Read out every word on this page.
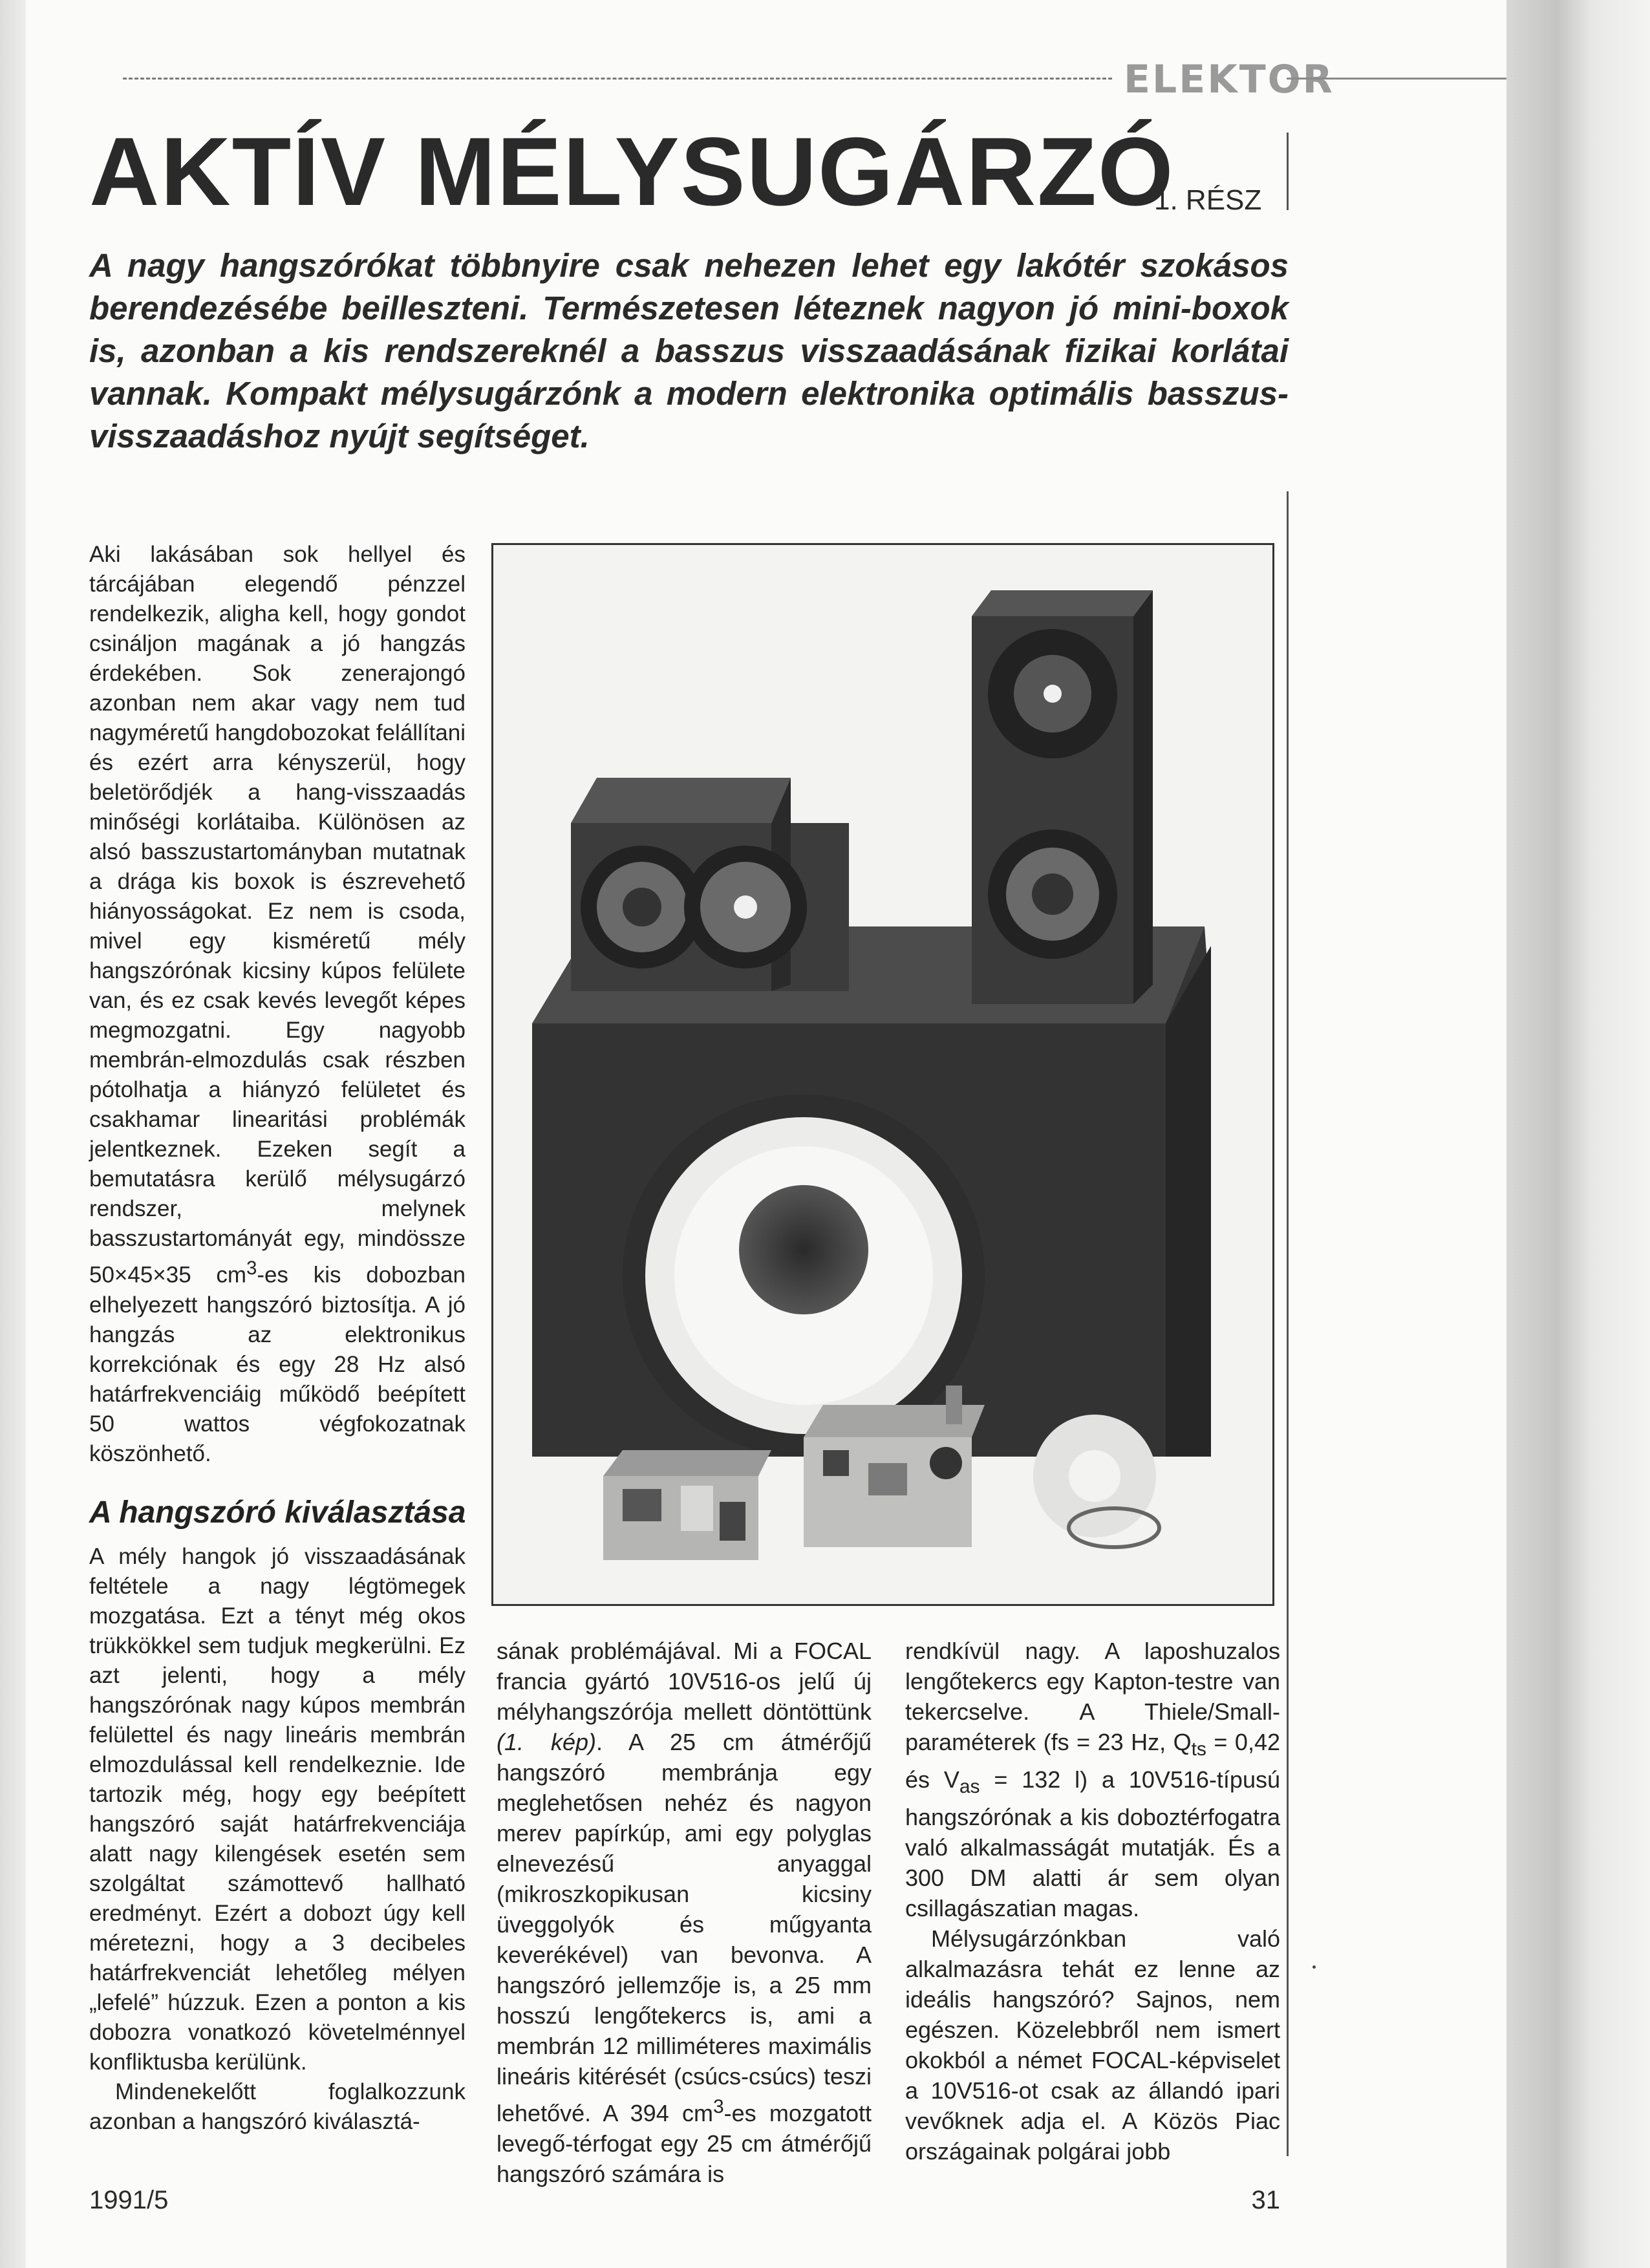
ELEKTOR
AKTÍV MÉLYSUGÁRZÓ
1. RÉSZ
A nagy hangszórókat többnyire csak nehezen lehet egy lakótér szokásos berendezésébe beilleszteni. Természetesen léteznek nagyon jó mini-boxok is, azonban a kis rendszereknél a basszus visszaadásának fizikai korlátai vannak. Kompakt mélysugárzónk a modern elektronika optimális basszus-visszaadáshoz nyújt segítséget.

Aki lakásában sok hellyel és tárcájában elegendő pénzzel rendelkezik, aligha kell, hogy gondot csináljon magának a jó hangzás érdekében. Sok zenerajongó azonban nem akar vagy nem tud nagyméretű hangdobozokat felállítani és ezért arra kényszerül, hogy beletörődjék a hang-visszaadás minőségi korlátaiba. Különösen az alsó basszustartományban mutatnak a drága kis boxok is észrevehető hiányosságokat. Ez nem is csoda, mivel egy kisméretű mély hangszórónak kicsiny kúpos felülete van, és ez csak kevés levegőt képes megmozgatni. Egy nagyobb membrán-elmozdulás csak részben pótolhatja a hiányzó felületet és csakhamar linearitási problémák jelentkeznek. Ezeken segít a bemutatásra kerülő mélysugárzó rendszer, melynek basszustartományát egy, mindössze 50×45×35 $cm^3-es$ kis dobozban elhelyezett hangszóró biztosítja. A jó hangzás az elektronikus korrekciónak és egy 28 Hz alsó határfrekvenciáig működő beépített 50 wattos végfokozatnak köszönhető.

A hangszóró kiválasztása

A mély hangok jó visszaadásának feltétele a nagy légtömegek mozgatása. Ezt a tényt még okos trükkökkel sem tudjuk megkerülni. Ez azt jelenti, hogy a mély hangszórónak nagy kúpos membrán felülettel és nagy lineáris membrán elmozdulással kell rendelkeznie. Ide tartozik még, hogy egy beépített hangszóró saját határfrekvenciája alatt nagy kilengések esetén sem szolgáltat számottevő hallható eredményt. Ezért a dobozt úgy kell méretezni, hogy a 3 decibeles határfrekvenciát lehetőleg mélyen „lefelé” húzzuk. Ezen a ponton a kis dobozra vonatkozó követelménnyel konfliktusba kerülünk.

Mindenekelőtt foglalkozzunk azonban a hangszóró kiválasztá-

sának problémájával. Mi a FOCAL francia gyártó 10V516-os jelű új mélyhangszórója mellett döntöttünk (1. kép). A 25 cm átmérőjű hangszóró membránja egy meglehetősen nehéz és nagyon merev papírkúp, ami egy polyglas elnevezésű anyaggal (mikroszkopikusan kicsiny üveggolyók és műgyanta keverékével) van bevonva. A hangszóró jellemzője is, a 25 mm hosszú lengőtekercs is, ami a membrán 12 milliméteres maximális lineáris kitérését (csúcs-csúcs) teszi lehetővé. A 394 $cm^3-es$ mozgatott levegő-térfogat egy 25 cm átmérőjű hangszóró számára is

rendkívül nagy. A laposhuzalos lengőtekercs egy Kapton-testre van tekercselve. A Thiele/Small-paraméterek (fs = 23 Hz, $Q_{ts} = 0,42$ és $V_{as} = 132$ l) a 10V516-típusú hangszórónak a kis doboztérfogatra való alkalmasságát mutatják. És a 300 DM alatti ár sem olyan csillagászatian magas.

Mélysugárzónkban való alkalmazásra tehát ez lenne az ideális hangszóró? Sajnos, nem egészen. Közelebbről nem ismert okokból a német FOCAL-képviselet a 10V516-ot csak az állandó ipari vevőknek adja el. A Közös Piac országainak polgárai jobb

1991/5	31
